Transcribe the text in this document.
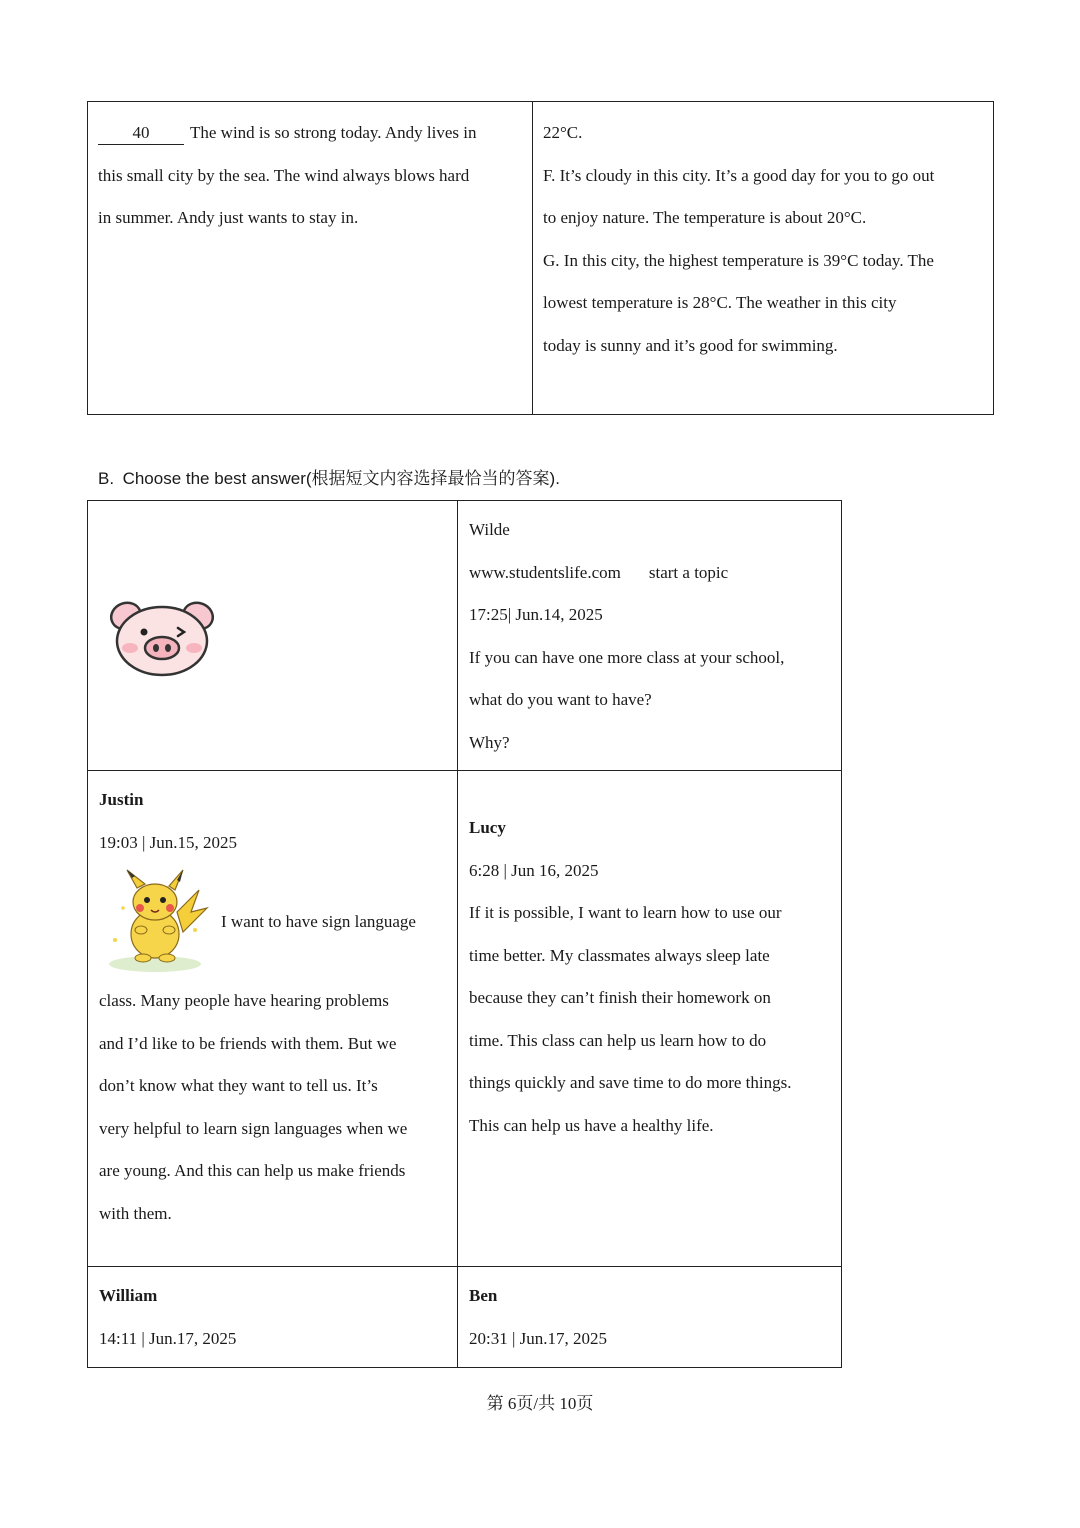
40 The wind is so strong today. Andy lives in

this small city by the sea. The wind always blows hard

in summer. Andy just wants to stay in.

22°C.

F. It’s cloudy in this city. It’s a good day for you to go out

to enjoy nature. The temperature is about 20°C.

G. In this city, the highest temperature is 39°C today. The

lowest temperature is 28°C. The weather in this city

today is sunny and it’s good for swimming.

B. Choose the best answer(根据短文内容选择最恰当的答案).

Wilde

www.studentslife.com start a topic

17:25| Jun.14, 2025

If you can have one more class at your school,

what do you want to have?

Why?

Justin

19:03 | Jun.15, 2025

I want to have sign language

class. Many people have hearing problems

and I’d like to be friends with them. But we

don’t know what they want to tell us. It’s

very helpful to learn sign languages when we

are young. And this can help us make friends

with them.

Lucy

6:28 | Jun 16, 2025

If it is possible, I want to learn how to use our

time better. My classmates always sleep late

because they can’t finish their homework on

time. This class can help us learn how to do

things quickly and save time to do more things.

This can help us have a healthy life.

William

14:11 | Jun.17, 2025

Ben

20:31 | Jun.17, 2025

第 6页/共 10页
